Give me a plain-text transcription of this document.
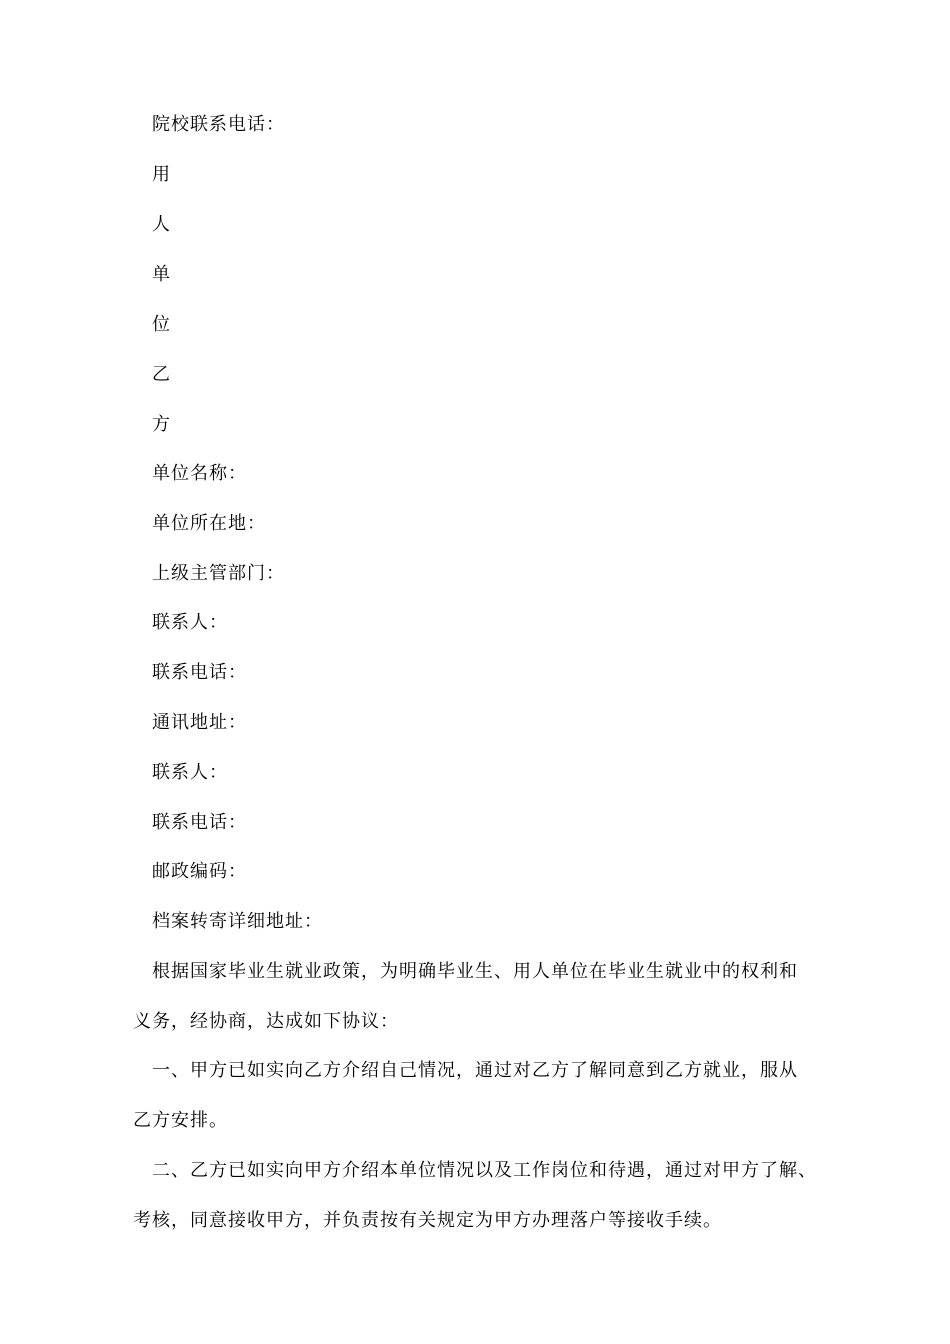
院校联系电话：
用
人
单
位
乙
方
单位名称：
单位所在地：
上级主管部门：
联系人：
联系电话：
通讯地址：
联系人：
联系电话：
邮政编码：
档案转寄详细地址：
根据国家毕业生就业政策，为明确毕业生、用人单位在毕业生就业中的权利和
义务，经协商，达成如下协议：
一、甲方已如实向乙方介绍自己情况，通过对乙方了解同意到乙方就业，服从
乙方安排。
二、乙方已如实向甲方介绍本单位情况以及工作岗位和待遇，通过对甲方了解、
考核，同意接收甲方，并负责按有关规定为甲方办理落户等接收手续。
